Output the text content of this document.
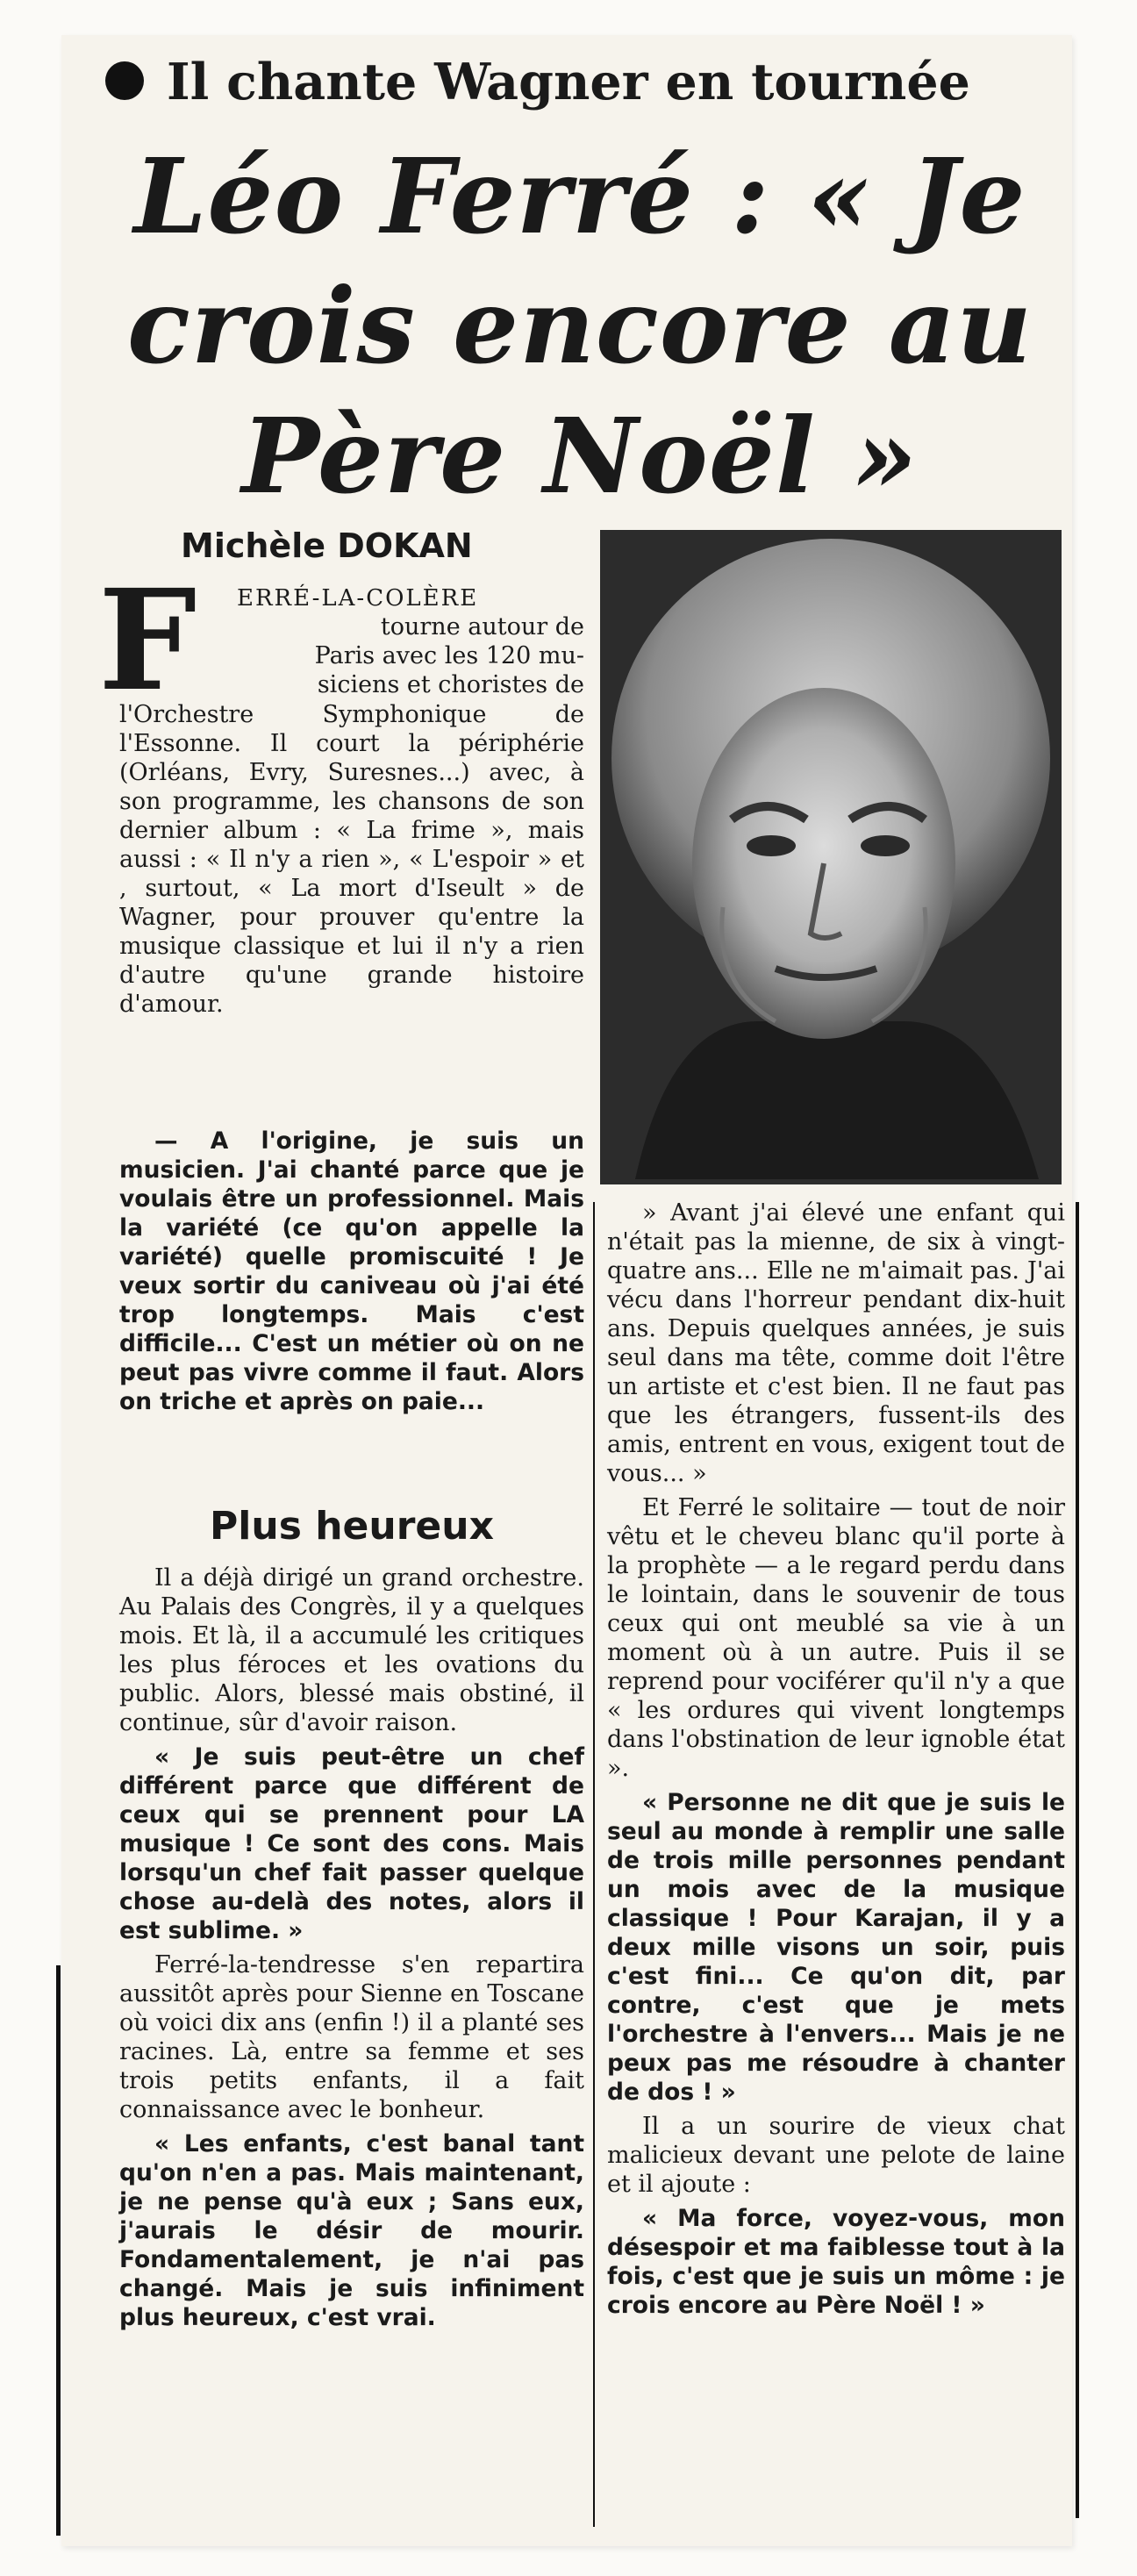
Il chante Wagner en tournée
Léo Ferré : « Je crois encore au Père Noël »
Michèle DOKAN
F	ERRÉ-LA-COLÈRE
tourne autour de
Paris avec les 120 mu-
siciens et choristes de

l'Orchestre Symphonique de l'Essonne. Il court la périphérie (Orléans, Evry, Suresnes...) avec, à son programme, les chansons de son dernier album : « La frime », mais aussi : « Il n'y a rien », « L'espoir » et , surtout, « La mort d'Iseult » de Wagner, pour prouver qu'entre la musique classique et lui il n'y a rien d'autre qu'une grande histoire d'amour.

— A l'origine, je suis un musicien. J'ai chanté parce que je voulais être un professionnel. Mais la variété (ce qu'on appelle la variété) quelle promiscuité ! Je veux sortir du caniveau où j'ai été trop longtemps. Mais c'est difficile... C'est un métier où on ne peut pas vivre comme il faut. Alors on triche et après on paie...

Plus heureux

Il a déjà dirigé un grand orchestre. Au Palais des Congrès, il y a quelques mois. Et là, il a accumulé les critiques les plus féroces et les ovations du public. Alors, blessé mais obstiné, il continue, sûr d'avoir raison.

« Je suis peut-être un chef différent parce que différent de ceux qui se prennent pour LA musique ! Ce sont des cons. Mais lorsqu'un chef fait passer quelque chose au-delà des notes, alors il est sublime. »

Ferré-la-tendresse s'en repartira aussitôt après pour Sienne en Toscane où voici dix ans (enfin !) il a planté ses racines. Là, entre sa femme et ses trois petits enfants, il a fait connaissance avec le bonheur.

« Les enfants, c'est banal tant qu'on n'en a pas. Mais maintenant, je ne pense qu'à eux ; Sans eux, j'aurais le désir de mourir. Fondamentalement, je n'ai pas changé. Mais je suis infiniment plus heureux, c'est vrai.

» Avant j'ai élevé une enfant qui n'était pas la mienne, de six à vingt-quatre ans... Elle ne m'aimait pas. J'ai vécu dans l'horreur pendant dix-huit ans. Depuis quelques années, je suis seul dans ma tête, comme doit l'être un artiste et c'est bien. Il ne faut pas que les étrangers, fussent-ils des amis, entrent en vous, exigent tout de vous... »

Et Ferré le solitaire — tout de noir vêtu et le cheveu blanc qu'il porte à la prophète — a le regard perdu dans le lointain, dans le souvenir de tous ceux qui ont meublé sa vie à un moment où à un autre. Puis il se reprend pour vociférer qu'il n'y a que « les ordures qui vivent longtemps dans l'obstination de leur ignoble état ».

« Personne ne dit que je suis le seul au monde à remplir une salle de trois mille personnes pendant un mois avec de la musique classique ! Pour Karajan, il y a deux mille visons un soir, puis c'est fini... Ce qu'on dit, par contre, c'est que je mets l'orchestre à l'envers... Mais je ne peux pas me résoudre à chanter de dos ! »

Il a un sourire de vieux chat malicieux devant une pelote de laine et il ajoute :

« Ma force, voyez-vous, mon désespoir et ma faiblesse tout à la fois, c'est que je suis un môme : je crois encore au Père Noël ! »
